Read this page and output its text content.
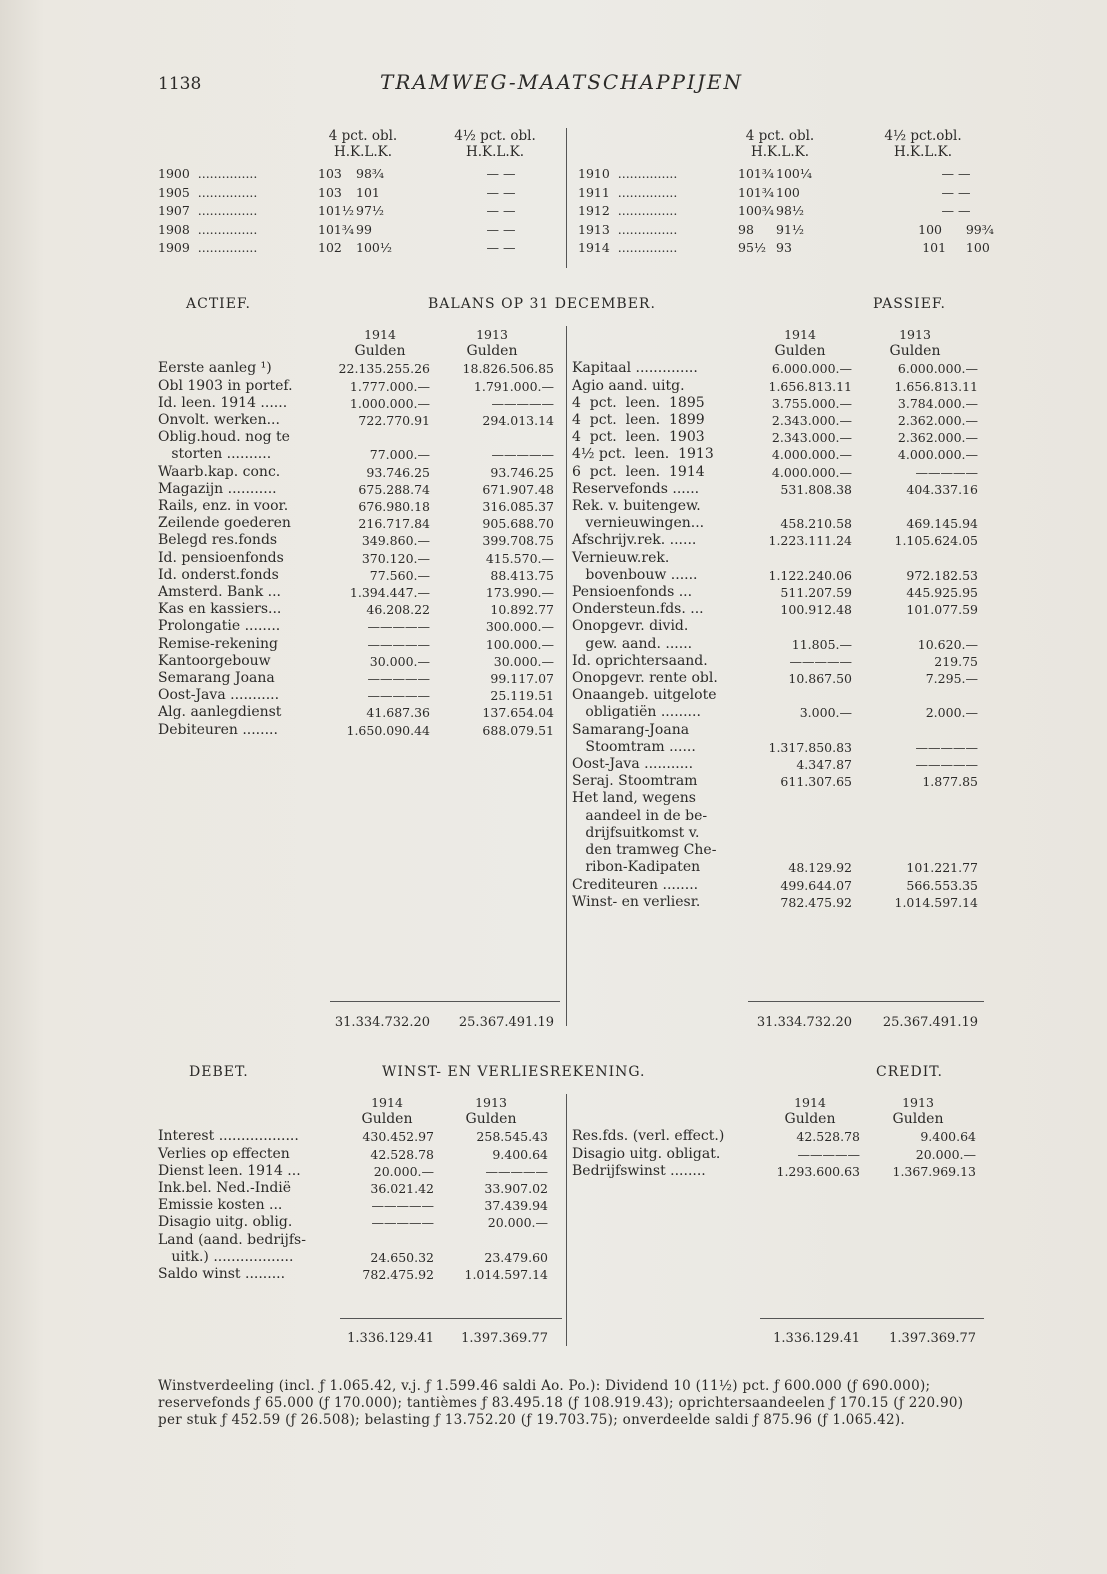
1138	TRAMWEG-MAATSCHAPPIJEN
4 pct. obl.
H.K.L.K.
4½ pct. obl.
H.K.L.K.
4 pct. obl.
H.K.L.K.
4½ pct.obl.
H.K.L.K.
1900  ...............	103	98¾	— —
1905  ...............	103	101	— —
1907  ...............	101½ 97½	— —
1908  ...............	101¾ 99	— —
1909  ...............	102	100½	— —
1910  ...............	101¾ 100¼	— —
1911  ...............	101¾ 100	— —
1912  ...............	100¾ 98½	— —
1913  ...............	98	91½	100      99¾
1914  ...............	95½ 93	101     100
ACTIEF.	BALANS OP 31 DECEMBER.	PASSIEF.
1914	1913
Gulden	Gulden
Eerste aanleg ¹)	22.135.255.26	18.826.506.85
Obl 1903 in portef.	1.777.000.—	1.791.000.—
Id. leen. 1914 ......	1.000.000.—	—————
Onvolt. werken...	722.770.91	294.013.14
Oblig.houd. nog te
storten ..........	77.000.—	—————
Waarb.kap. conc.	93.746.25	93.746.25
Magazijn ...........	675.288.74	671.907.48
Rails, enz. in voor.	676.980.18	316.085.37
Zeilende goederen	216.717.84	905.688.70
Belegd res.fonds	349.860.—	399.708.75
Id. pensioenfonds	370.120.—	415.570.—
Id. onderst.fonds	77.560.—	88.413.75
Amsterd. Bank ...	1.394.447.—	173.990.—
Kas en kassiers...	46.208.22	10.892.77
Prolongatie ........	—————	300.000.—
Remise-rekening	—————	100.000.—
Kantoorgebouw	30.000.—	30.000.—
Semarang Joana	—————	99.117.07
Oost-Java ...........	—————	25.119.51
Alg. aanlegdienst	41.687.36	137.654.04
Debiteuren ........	1.650.090.44	688.079.51
1914	1913
Gulden	Gulden
Kapitaal ..............	6.000.000.—	6.000.000.—
Agio aand. uitg.	1.656.813.11	1.656.813.11
4  pct.  leen.  1895	3.755.000.—	3.784.000.—
4  pct.  leen.  1899	2.343.000.—	2.362.000.—
4  pct.  leen.  1903	2.343.000.—	2.362.000.—
4½ pct.  leen.  1913	4.000.000.—	4.000.000.—
6  pct.  leen.  1914	4.000.000.—	—————
Reservefonds ......	531.808.38	404.337.16
Rek. v. buitengew.
vernieuwingen...	458.210.58	469.145.94
Afschrijv.rek. ......	1.223.111.24	1.105.624.05
Vernieuw.rek.
bovenbouw ......	1.122.240.06	972.182.53
Pensioenfonds ...	511.207.59	445.925.95
Ondersteun.fds. ...	100.912.48	101.077.59
Onopgevr. divid.
gew. aand. ......	11.805.—	10.620.—
Id. oprichtersaand.	—————	219.75
Onopgevr. rente obl.	10.867.50	7.295.—
Onaangeb. uitgelote
obligatiën .........	3.000.—	2.000.—
Samarang-Joana
Stoomtram ......	1.317.850.83	—————
Oost-Java ...........	4.347.87	—————
Seraj. Stoomtram	611.307.65	1.877.85
Het land, wegens
aandeel in de be-
drijfsuitkomst v.
den tramweg Che-
ribon-Kadipaten	48.129.92	101.221.77
Crediteuren ........	499.644.07	566.553.35
Winst- en verliesr.	782.475.92	1.014.597.14
31.334.732.20	25.367.491.19	31.334.732.20	25.367.491.19
DEBET.	WINST- EN VERLIESREKENING.	CREDIT.
1914	1913
Gulden	Gulden
Interest ..................	430.452.97	258.545.43
Verlies op effecten	42.528.78	9.400.64
Dienst leen. 1914 ...	20.000.—	—————
Ink.bel. Ned.-Indië	36.021.42	33.907.02
Emissie kosten ...	—————	37.439.94
Disagio uitg. oblig.	—————	20.000.—
Land (aand. bedrijfs-
uitk.) ..................	24.650.32	23.479.60
Saldo winst .........	782.475.92	1.014.597.14
1914	1913
Gulden	Gulden
Res.fds. (verl. effect.)	42.528.78	9.400.64
Disagio uitg. obligat.	—————	20.000.—
Bedrijfswinst ........	1.293.600.63	1.367.969.13
1.336.129.41	1.397.369.77	1.336.129.41	1.397.369.77
Winstverdeeling (incl. ƒ 1.065.42, v.j. ƒ 1.599.46 saldi Ao. Po.): Dividend 10 (11½) pct. ƒ 600.000 (ƒ 690.000); reservefonds ƒ 65.000 (ƒ 170.000); tantièmes ƒ 83.495.18 (ƒ 108.919.43); oprichtersaandeelen ƒ 170.15 (ƒ 220.90) per stuk ƒ 452.59 (ƒ 26.508); belasting ƒ 13.752.20 (ƒ 19.703.75); onverdeelde saldi ƒ 875.96 (ƒ 1.065.42).
